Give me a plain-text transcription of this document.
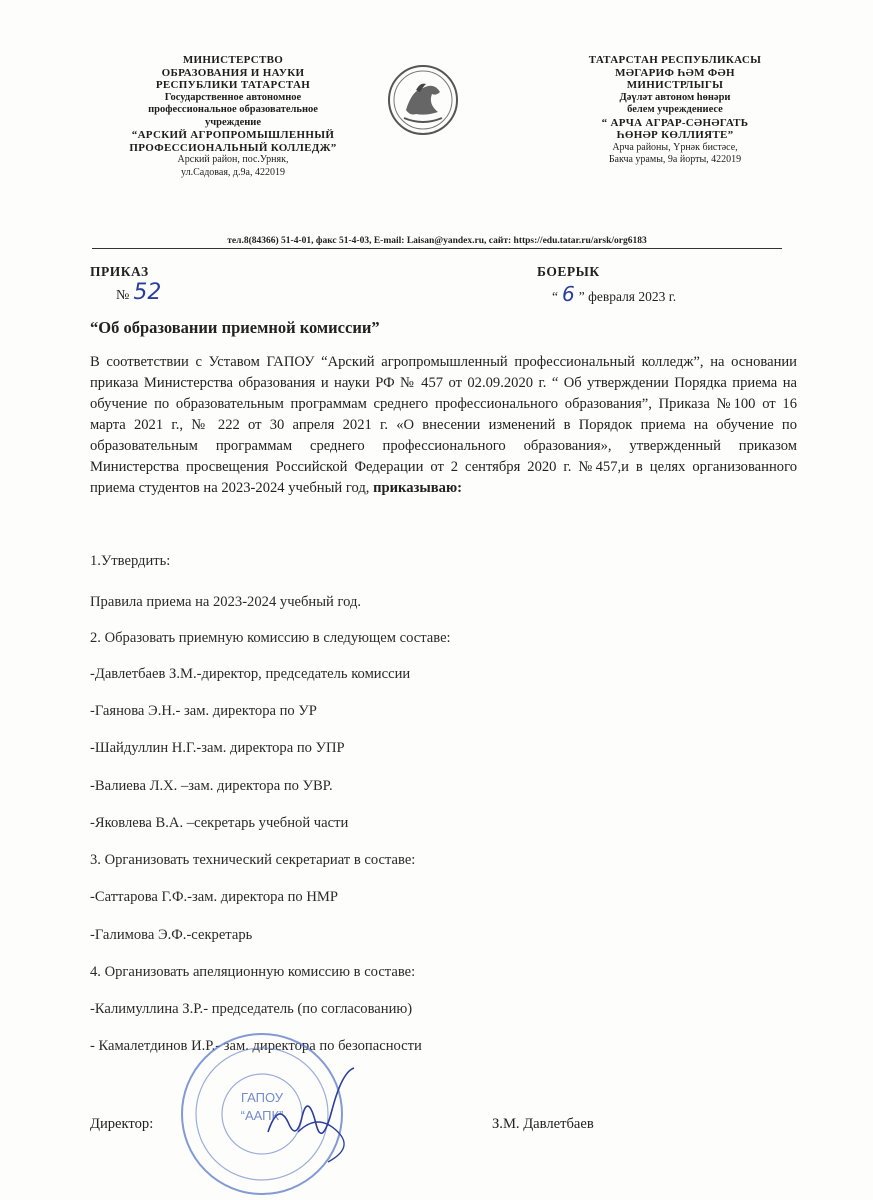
МИНИСТЕРСТВО
ОБРАЗОВАНИЯ И НАУКИ
РЕСПУБЛИКИ ТАТАРСТАН
Государственное автономное
профессиональное образовательное
учреждение
“АРСКИЙ АГРОПРОМЫШЛЕННЫЙ
ПРОФЕССИОНАЛЬНЫЙ КОЛЛЕДЖ”
Арский район, пос.Урняк,
ул.Садовая, д.9а, 422019
ТАТАРСТАН РЕСПУБЛИКАСЫ
МӘГАРИФ ҺӘМ ФӘН
МИНИСТРЛЫГЫ
Дәүләт автоном һөнәри
белем учреждениесе
“ АРЧА АГРАР-СӘНӘГАТЬ
ҺӨНӘР КӨЛЛИЯТЕ”
Арча районы, Үрнәк бистәсе,
Бакча урамы, 9а йорты, 422019
тел.8(84366) 51-4-01, факс 51-4-03, E-mail: Laisan@yandex.ru, сайт: https://edu.tatar.ru/arsk/org6183
ПРИКАЗ
№ 52
БОЕРЫК
“ 6 ” февраля 2023 г.
“Об образовании приемной комиссии”
В соответствии с Уставом ГАПОУ “Арский агропромышленный профессиональный колледж”, на основании приказа Министерства образования и науки РФ № 457 от 02.09.2020 г. “ Об утверждении Порядка приема на обучение по образовательным программам среднего профессионального образования”, Приказа №100 от 16 марта 2021 г., № 222 от 30 апреля 2021 г. «О внесении изменений в Порядок приема на обучение по образовательным программам среднего профессионального образования», утвержденный приказом Министерства просвещения Российской Федерации от 2 сентября 2020 г. №457,и в целях организованного приема студентов на 2023-2024 учебный год, приказываю:
1.Утвердить:
Правила приема на 2023-2024 учебный год.
2. Образовать приемную комиссию в следующем составе:
-Давлетбаев З.М.-директор, председатель комиссии
-Гаянова Э.Н.- зам. директора по УР
-Шайдуллин Н.Г.-зам. директора по УПР
-Валиева Л.Х. –зам. директора по УВР.
-Яковлева В.А. –секретарь учебной части
3. Организовать технический секретариат в составе:
-Саттарова Г.Ф.-зам. директора по НМР
-Галимова Э.Ф.-секретарь
4. Организовать апеляционную комиссию в составе:
-Калимуллина З.Р.- председатель (по согласованию)
- Камалетдинов И.Р.- зам. директора по безопасности
ГАПОУ
“ААПК”
Директор:	З.М. Давлетбаев
